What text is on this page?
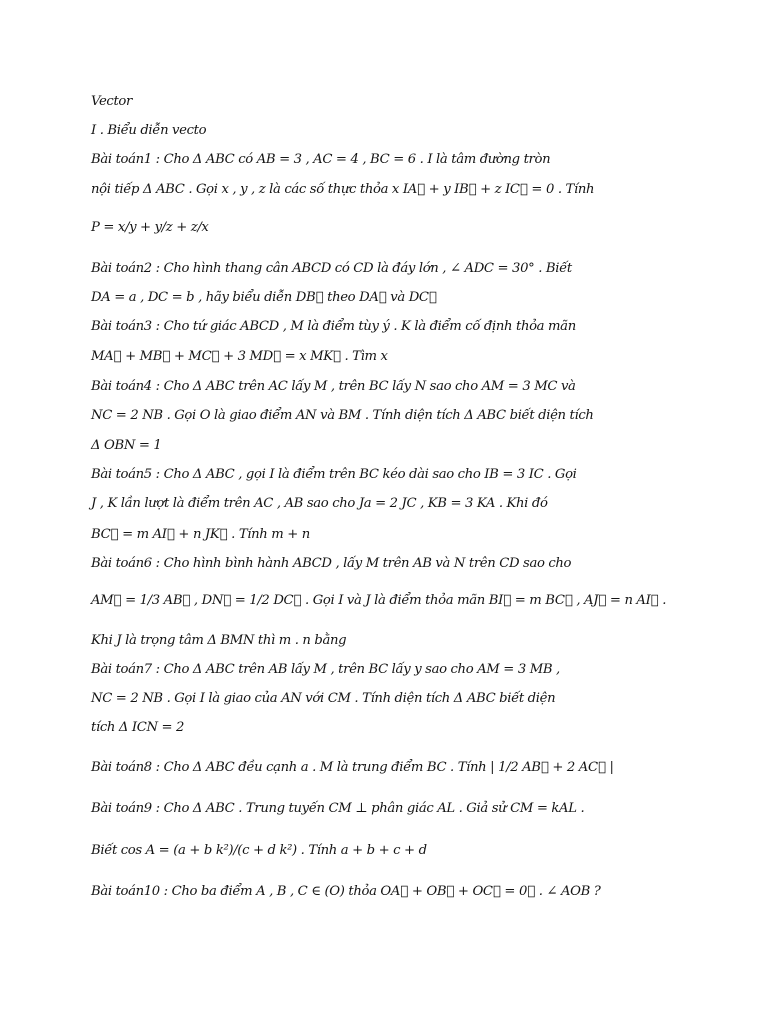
Vector
I . Biểu diễn vecto
Bài toán1 : Cho Δ ABC có AB = 3 , AC = 4 , BC = 6 . I là tâm đường tròn
nội tiếp Δ ABC . Gọi x , y , z là các số thực thỏa x IA⃗ + y IB⃗ + z IC⃗ = 0 . Tính
P = x/y + y/z + z/x
Bài toán2 : Cho hình thang cân ABCD có CD là đáy lớn , ∠ ADC = 30° . Biết
DA = a , DC = b , hãy biểu diễn DB⃗ theo DA⃗ và DC⃗
Bài toán3 : Cho tứ giác ABCD , M là điểm tùy ý . K là điểm cố định thỏa mãn
MA⃗ + MB⃗ + MC⃗ + 3 MD⃗ = x MK⃗ . Tìm x
Bài toán4 : Cho Δ ABC trên AC lấy M , trên BC lấy N sao cho AM = 3 MC và
NC = 2 NB . Gọi O là giao điểm AN và BM . Tính diện tích Δ ABC biết diện tích
Δ OBN = 1
Bài toán5 : Cho Δ ABC , gọi I là điểm trên BC kéo dài sao cho IB = 3 IC . Gọi
J , K lần lượt là điểm trên AC , AB sao cho Ja = 2 JC , KB = 3 KA . Khi đó
BC⃗ = m AI⃗ + n JK⃗ . Tính m + n
Bài toán6 : Cho hình bình hành ABCD , lấy M trên AB và N trên CD sao cho
AM⃗ = 1/3 AB⃗ , DN⃗ = 1/2 DC⃗ . Gọi I và J là điểm thỏa mãn BI⃗ = m BC⃗ , AJ⃗ = n AI⃗ .
Khi J là trọng tâm Δ BMN thì m . n bằng
Bài toán7 : Cho Δ ABC trên AB lấy M , trên BC lấy y sao cho AM = 3 MB ,
NC = 2 NB . Gọi I là giao của AN với CM . Tính diện tích Δ ABC biết diện
tích Δ ICN = 2
Bài toán8 : Cho Δ ABC đều cạnh a . M là trung điểm BC . Tính | 1/2 AB⃗ + 2 AC⃗ |
Bài toán9 : Cho Δ ABC . Trung tuyến CM ⊥ phân giác AL . Giả sử CM = kAL .
Biết cos A = (a + b k²)/(c + d k²) . Tính a + b + c + d
Bài toán10 : Cho ba điểm A , B , C ∈ (O) thỏa OA⃗ + OB⃗ + OC⃗ = 0⃗ . ∠ AOB ?
